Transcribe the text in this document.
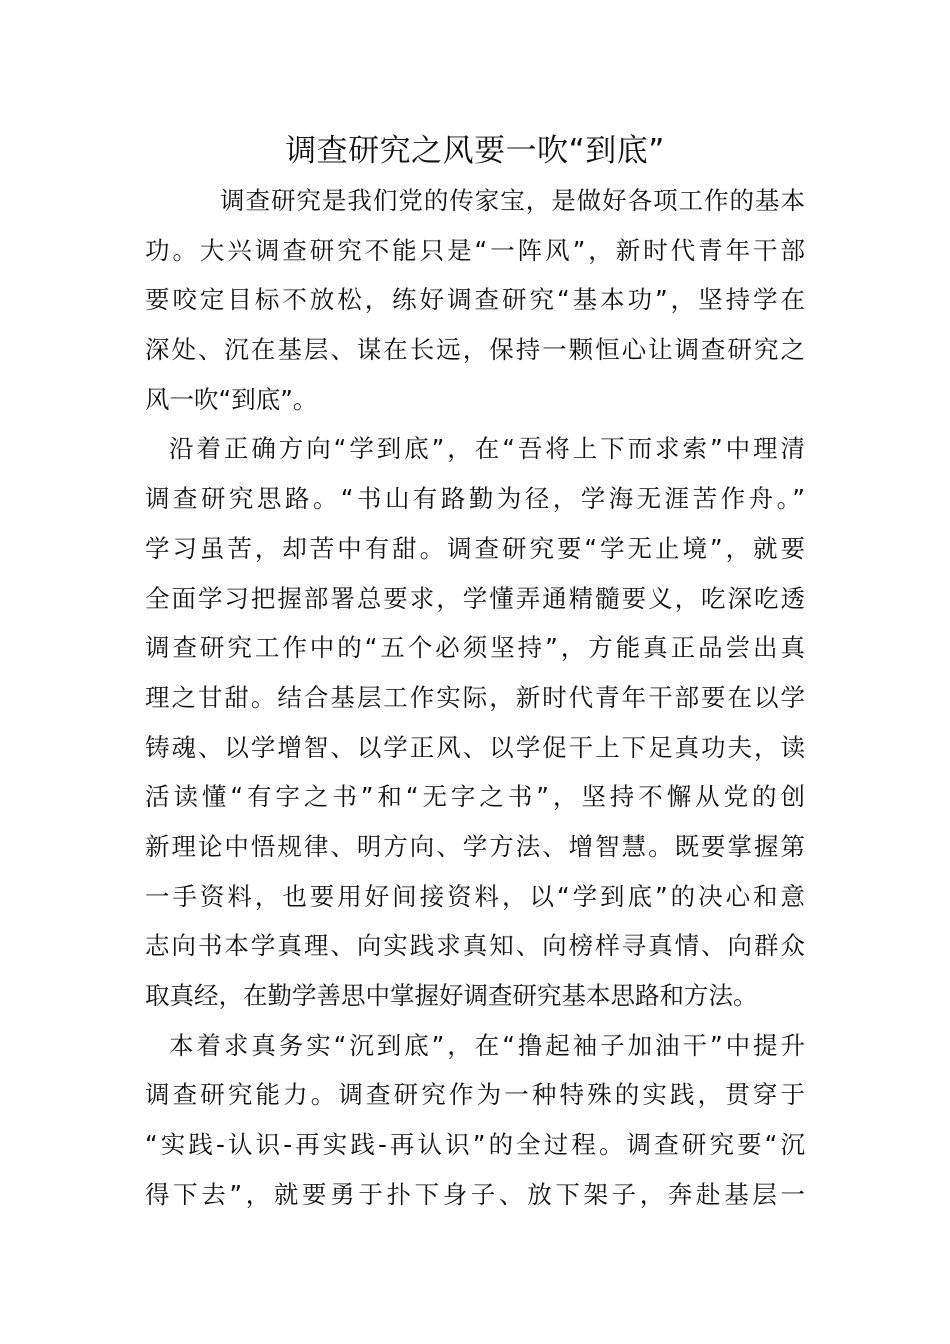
调查研究之风要一吹“到底”
调查研究是我们党的传家宝，是做好各项工作的基本
功。大兴调查研究不能只是“一阵风”，新时代青年干部
要咬定目标不放松，练好调查研究“基本功”，坚持学在
深处、沉在基层、谋在长远，保持一颗恒心让调查研究之
风一吹“到底”。
沿着正确方向“学到底”，在“吾将上下而求索”中理清
调查研究思路。“书山有路勤为径，学海无涯苦作舟。”
学习虽苦，却苦中有甜。调查研究要“学无止境”，就要
全面学习把握部署总要求，学懂弄通精髓要义，吃深吃透
调查研究工作中的“五个必须坚持”，方能真正品尝出真
理之甘甜。结合基层工作实际，新时代青年干部要在以学
铸魂、以学增智、以学正风、以学促干上下足真功夫，读
活读懂“有字之书”和“无字之书”，坚持不懈从党的创
新理论中悟规律、明方向、学方法、增智慧。既要掌握第
一手资料，也要用好间接资料，以“学到底”的决心和意
志向书本学真理、向实践求真知、向榜样寻真情、向群众
取真经，在勤学善思中掌握好调查研究基本思路和方法。
本着求真务实“沉到底”，在“撸起袖子加油干”中提升
调查研究能力。调查研究作为一种特殊的实践，贯穿于
“实践-认识-再实践-再认识”的全过程。调查研究要“沉
得下去”，就要勇于扑下身子、放下架子，奔赴基层一
